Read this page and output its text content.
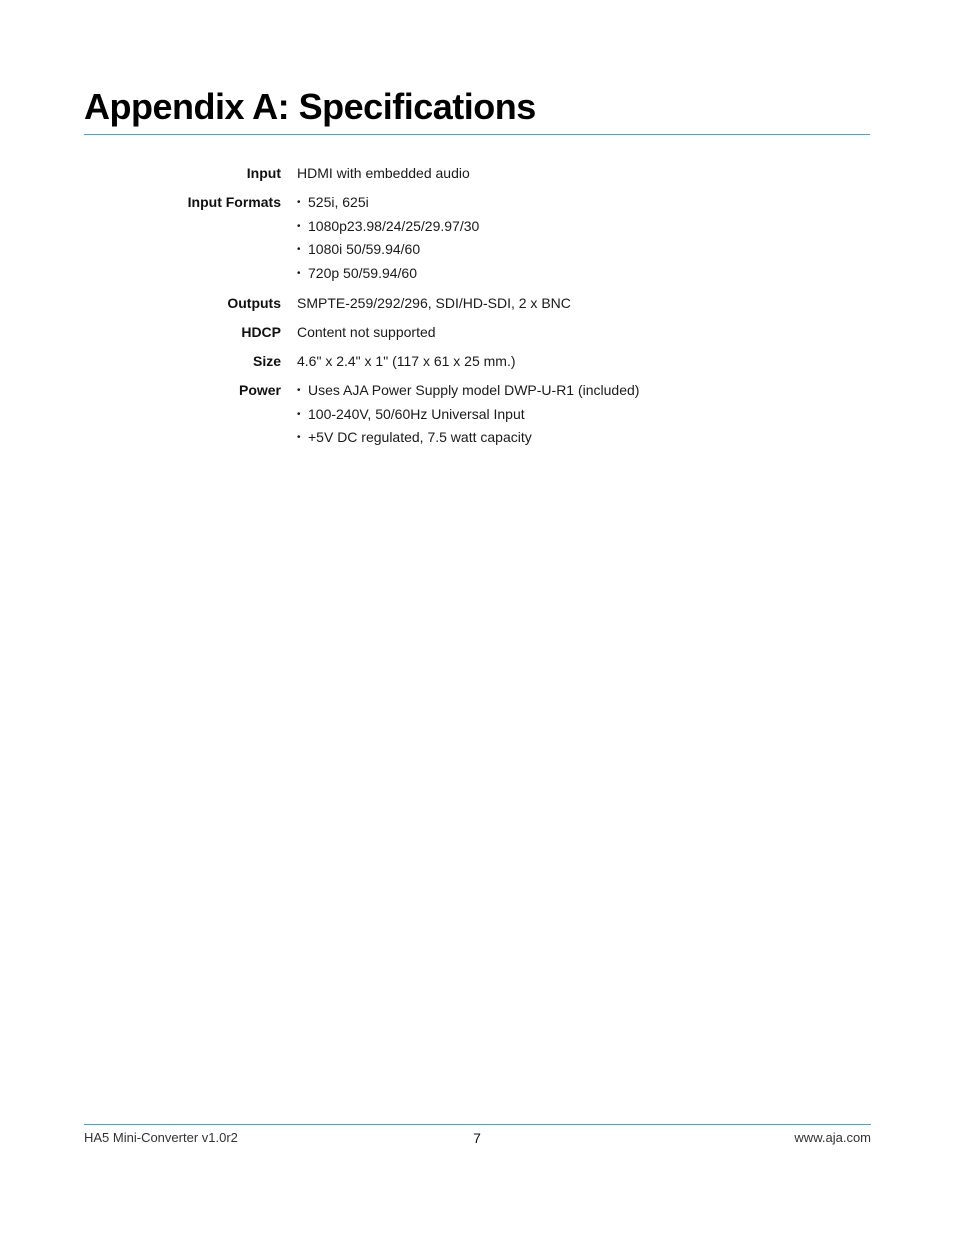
Appendix A: Specifications
Input HDMI with embedded audio
Input Formats	• 525i, 625i
• 1080p23.98/24/25/29.97/30
• 1080i 50/59.94/60
• 720p 50/59.94/60
Outputs SMPTE-259/292/296, SDI/HD-SDI, 2 x BNC
HDCP Content not supported
Size 4.6" x 2.4" x 1" (117 x 61 x 25 mm.)
Power	• Uses AJA Power Supply model DWP-U-R1 (included)
• 100-240V, 50/60Hz Universal Input
• +5V DC regulated, 7.5 watt capacity
HA5 Mini-Converter v1.0r2	7	www.aja.com
